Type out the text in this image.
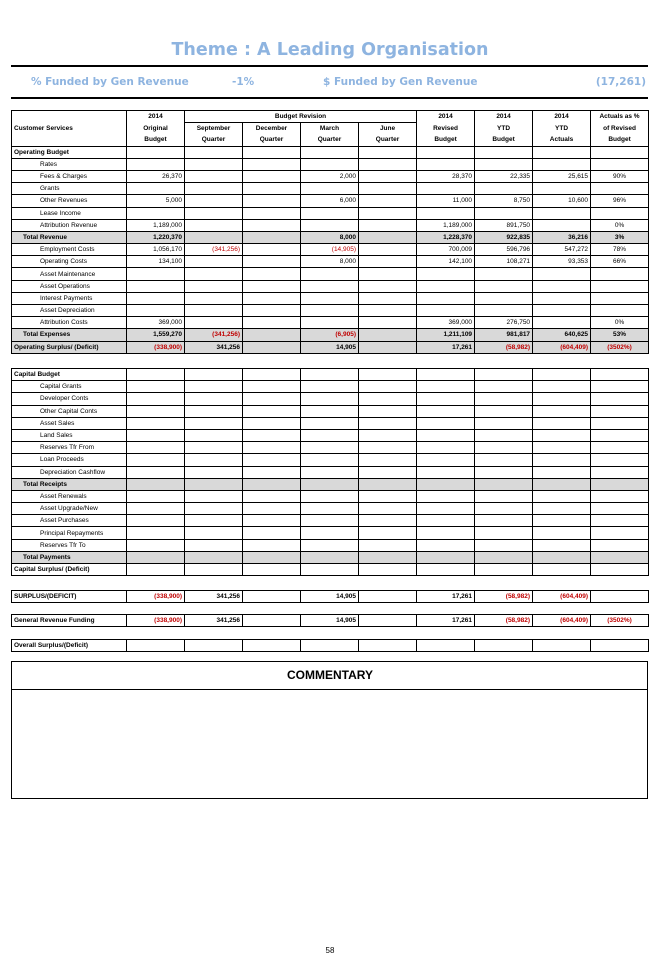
Theme : A Leading Organisation
% Funded by Gen Revenue	-1%	$ Funded by Gen Revenue	(17,261)
	2014	Budget Revision				2014	2014	2014	Actuals as %
Customer Services	Original	September	December	March	June	Revised	YTD	YTD	of Revised
	Budget	Quarter	Quarter	Quarter	Quarter	Budget	Budget	Actuals	Budget
Operating Budget									
Rates									
Fees & Charges	26,370			2,000		28,370	22,335	25,615	90%
Grants									
Other Revenues	5,000			6,000		11,000	8,750	10,600	96%
Lease Income									
Attribution Revenue	1,189,000					1,189,000	891,750		0%
Total Revenue	1,220,370			8,000		1,228,370	922,835	36,216	3%
Employment Costs	1,056,170	(341,256)		(14,905)		700,009	596,796	547,272	78%
Operating Costs	134,100			8,000		142,100	108,271	93,353	66%
Asset Maintenance									
Asset Operations									
Interest Payments									
Asset Depreciation									
Attribution Costs	369,000					369,000	276,750		0%
Total Expenses	1,559,270	(341,256)		(6,905)		1,211,109	981,817	640,625	53%
Operating Surplus/ (Deficit)	(338,900)	341,256		14,905		17,261	(58,982)	(604,409)	(3502%)
Capital Budget									
Capital Grants									
Developer Conts									
Other Capital Conts									
Asset Sales									
Land Sales									
Reserves Tfr From									
Loan Proceeds									
Depreciation Cashflow									
Total Receipts									
Asset Renewals									
Asset Upgrade/New									
Asset Purchases									
Principal Repayments									
Reserves Tfr To									
Total Payments									
Capital Surplus/ (Deficit)									
SURPLUS/(DEFICIT)	(338,900)	341,256		14,905		17,261	(58,982)	(604,409)	
General Revenue Funding	(338,900)	341,256		14,905		17,261	(58,982)	(604,409)	(3502%)
Overall Surplus/(Deficit)									
COMMENTARY
58
